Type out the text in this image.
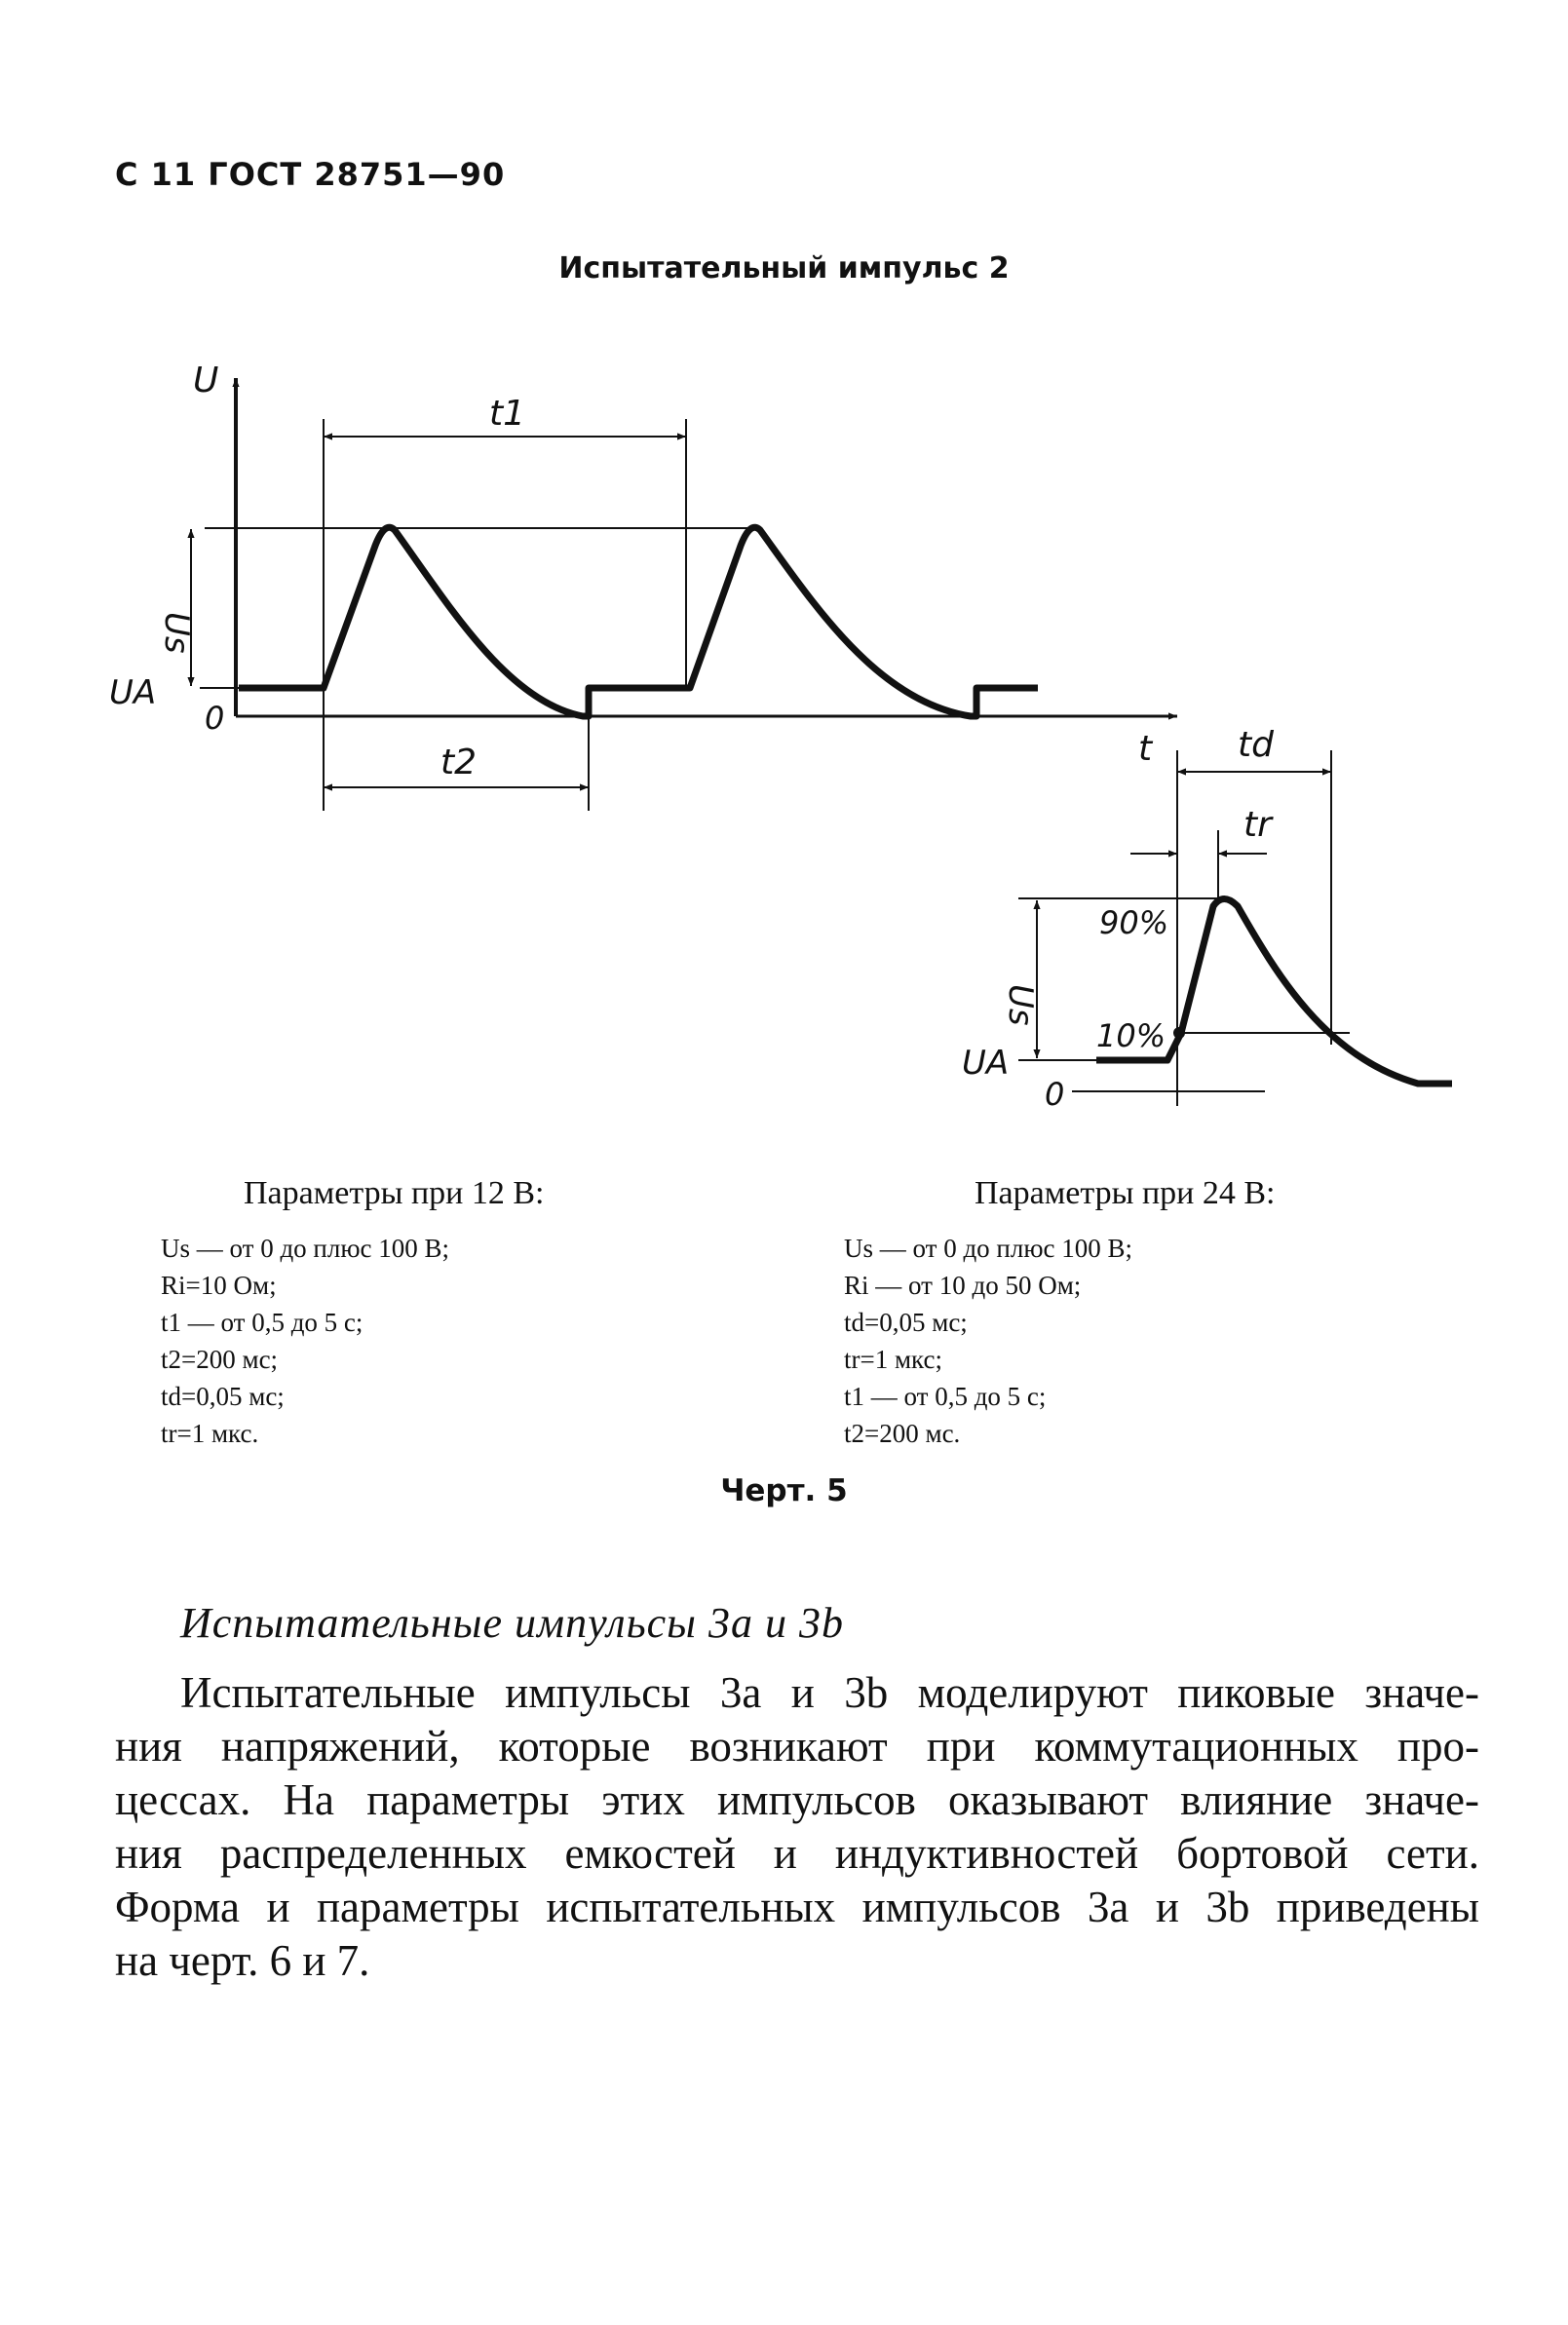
С 11 ГОСТ 28751—90
Испытательный импульс 2
U
t1
Us
UA
0
t2	t td
tr
90%
10%
Us
UA
0
Параметры при 12 В:	Параметры при 24 В:
Us — от 0 до плюс 100 В;
Ri=10 Ом;
t1 — от 0,5 до 5 с;
t2=200 мс;
td=0,05 мс;
tr=1 мкс.
Us — от 0 до плюс 100 В;
Ri — от 10 до 50 Ом;
td=0,05 мс;
tr=1 мкс;
t1 — от 0,5 до 5 с;
t2=200 мс.
Черт. 5
Испытательные импульсы 3a и 3b
Испытательные импульсы 3a и 3b моделируют пиковые значе-
ния напряжений, которые возникают при коммутационных про-
цессах. На параметры этих импульсов оказывают влияние значе-
ния распределенных емкостей и индуктивностей бортовой сети.
Форма и параметры испытательных импульсов 3a и 3b приведены
на черт. 6 и 7.
